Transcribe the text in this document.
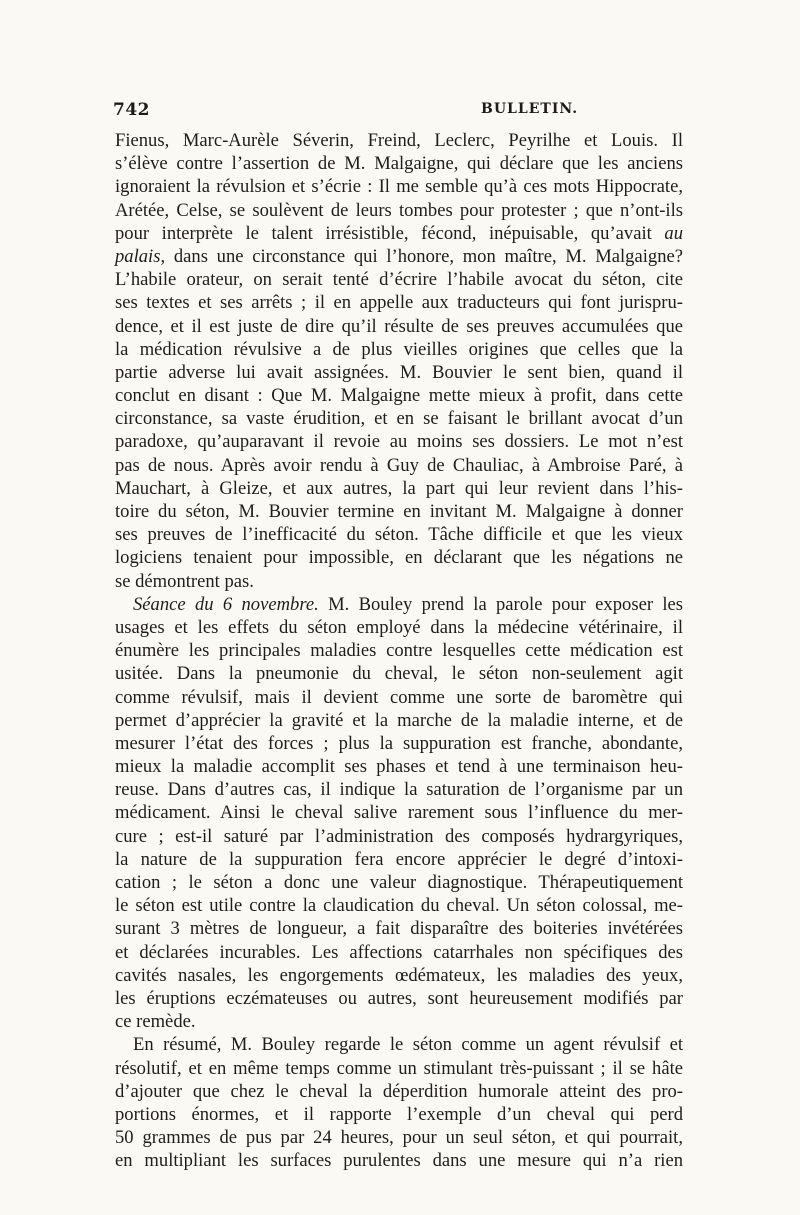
742	BULLETIN.
Fienus, Marc-Aurèle Séverin, Freind, Leclerc, Peyrilhe et Louis. Il
s’élève contre l’assertion de M. Malgaigne, qui déclare que les anciens
ignoraient la révulsion et s’écrie : Il me semble qu’à ces mots Hippocrate,
Arétée, Celse, se soulèvent de leurs tombes pour protester ; que n’ont-ils
pour interprète le talent irrésistible, fécond, inépuisable, qu’avait au
palais, dans une circonstance qui l’honore, mon maître, M. Malgaigne?
L’habile orateur, on serait tenté d’écrire l’habile avocat du séton, cite
ses textes et ses arrêts ; il en appelle aux traducteurs qui font jurispru-
dence, et il est juste de dire qu’il résulte de ses preuves accumulées que
la médication révulsive a de plus vieilles origines que celles que la
partie adverse lui avait assignées. M. Bouvier le sent bien, quand il
conclut en disant : Que M. Malgaigne mette mieux à profit, dans cette
circonstance, sa vaste érudition, et en se faisant le brillant avocat d’un
paradoxe, qu’auparavant il revoie au moins ses dossiers. Le mot n’est
pas de nous. Après avoir rendu à Guy de Chauliac, à Ambroise Paré, à
Mauchart, à Gleize, et aux autres, la part qui leur revient dans l’his-
toire du séton, M. Bouvier termine en invitant M. Malgaigne à donner
ses preuves de l’inefficacité du séton. Tâche difficile et que les vieux
logiciens tenaient pour impossible, en déclarant que les négations ne
se démontrent pas.
Séance du 6 novembre. M. Bouley prend la parole pour exposer les
usages et les effets du séton employé dans la médecine vétérinaire, il
énumère les principales maladies contre lesquelles cette médication est
usitée. Dans la pneumonie du cheval, le séton non-seulement agit
comme révulsif, mais il devient comme une sorte de baromètre qui
permet d’apprécier la gravité et la marche de la maladie interne, et de
mesurer l’état des forces ; plus la suppuration est franche, abondante,
mieux la maladie accomplit ses phases et tend à une terminaison heu-
reuse. Dans d’autres cas, il indique la saturation de l’organisme par un
médicament. Ainsi le cheval salive rarement sous l’influence du mer-
cure ; est-il saturé par l’administration des composés hydrargyriques,
la nature de la suppuration fera encore apprécier le degré d’intoxi-
cation ; le séton a donc une valeur diagnostique. Thérapeutiquement
le séton est utile contre la claudication du cheval. Un séton colossal, me-
surant 3 mètres de longueur, a fait disparaître des boiteries invétérées
et déclarées incurables. Les affections catarrhales non spécifiques des
cavités nasales, les engorgements œdémateux, les maladies des yeux,
les éruptions eczémateuses ou autres, sont heureusement modifiés par
ce remède.
En résumé, M. Bouley regarde le séton comme un agent révulsif et
résolutif, et en même temps comme un stimulant très-puissant ; il se hâte
d’ajouter que chez le cheval la déperdition humorale atteint des pro-
portions énormes, et il rapporte l’exemple d’un cheval qui perd
50 grammes de pus par 24 heures, pour un seul séton, et qui pourrait,
en multipliant les surfaces purulentes dans une mesure qui n’a rien
